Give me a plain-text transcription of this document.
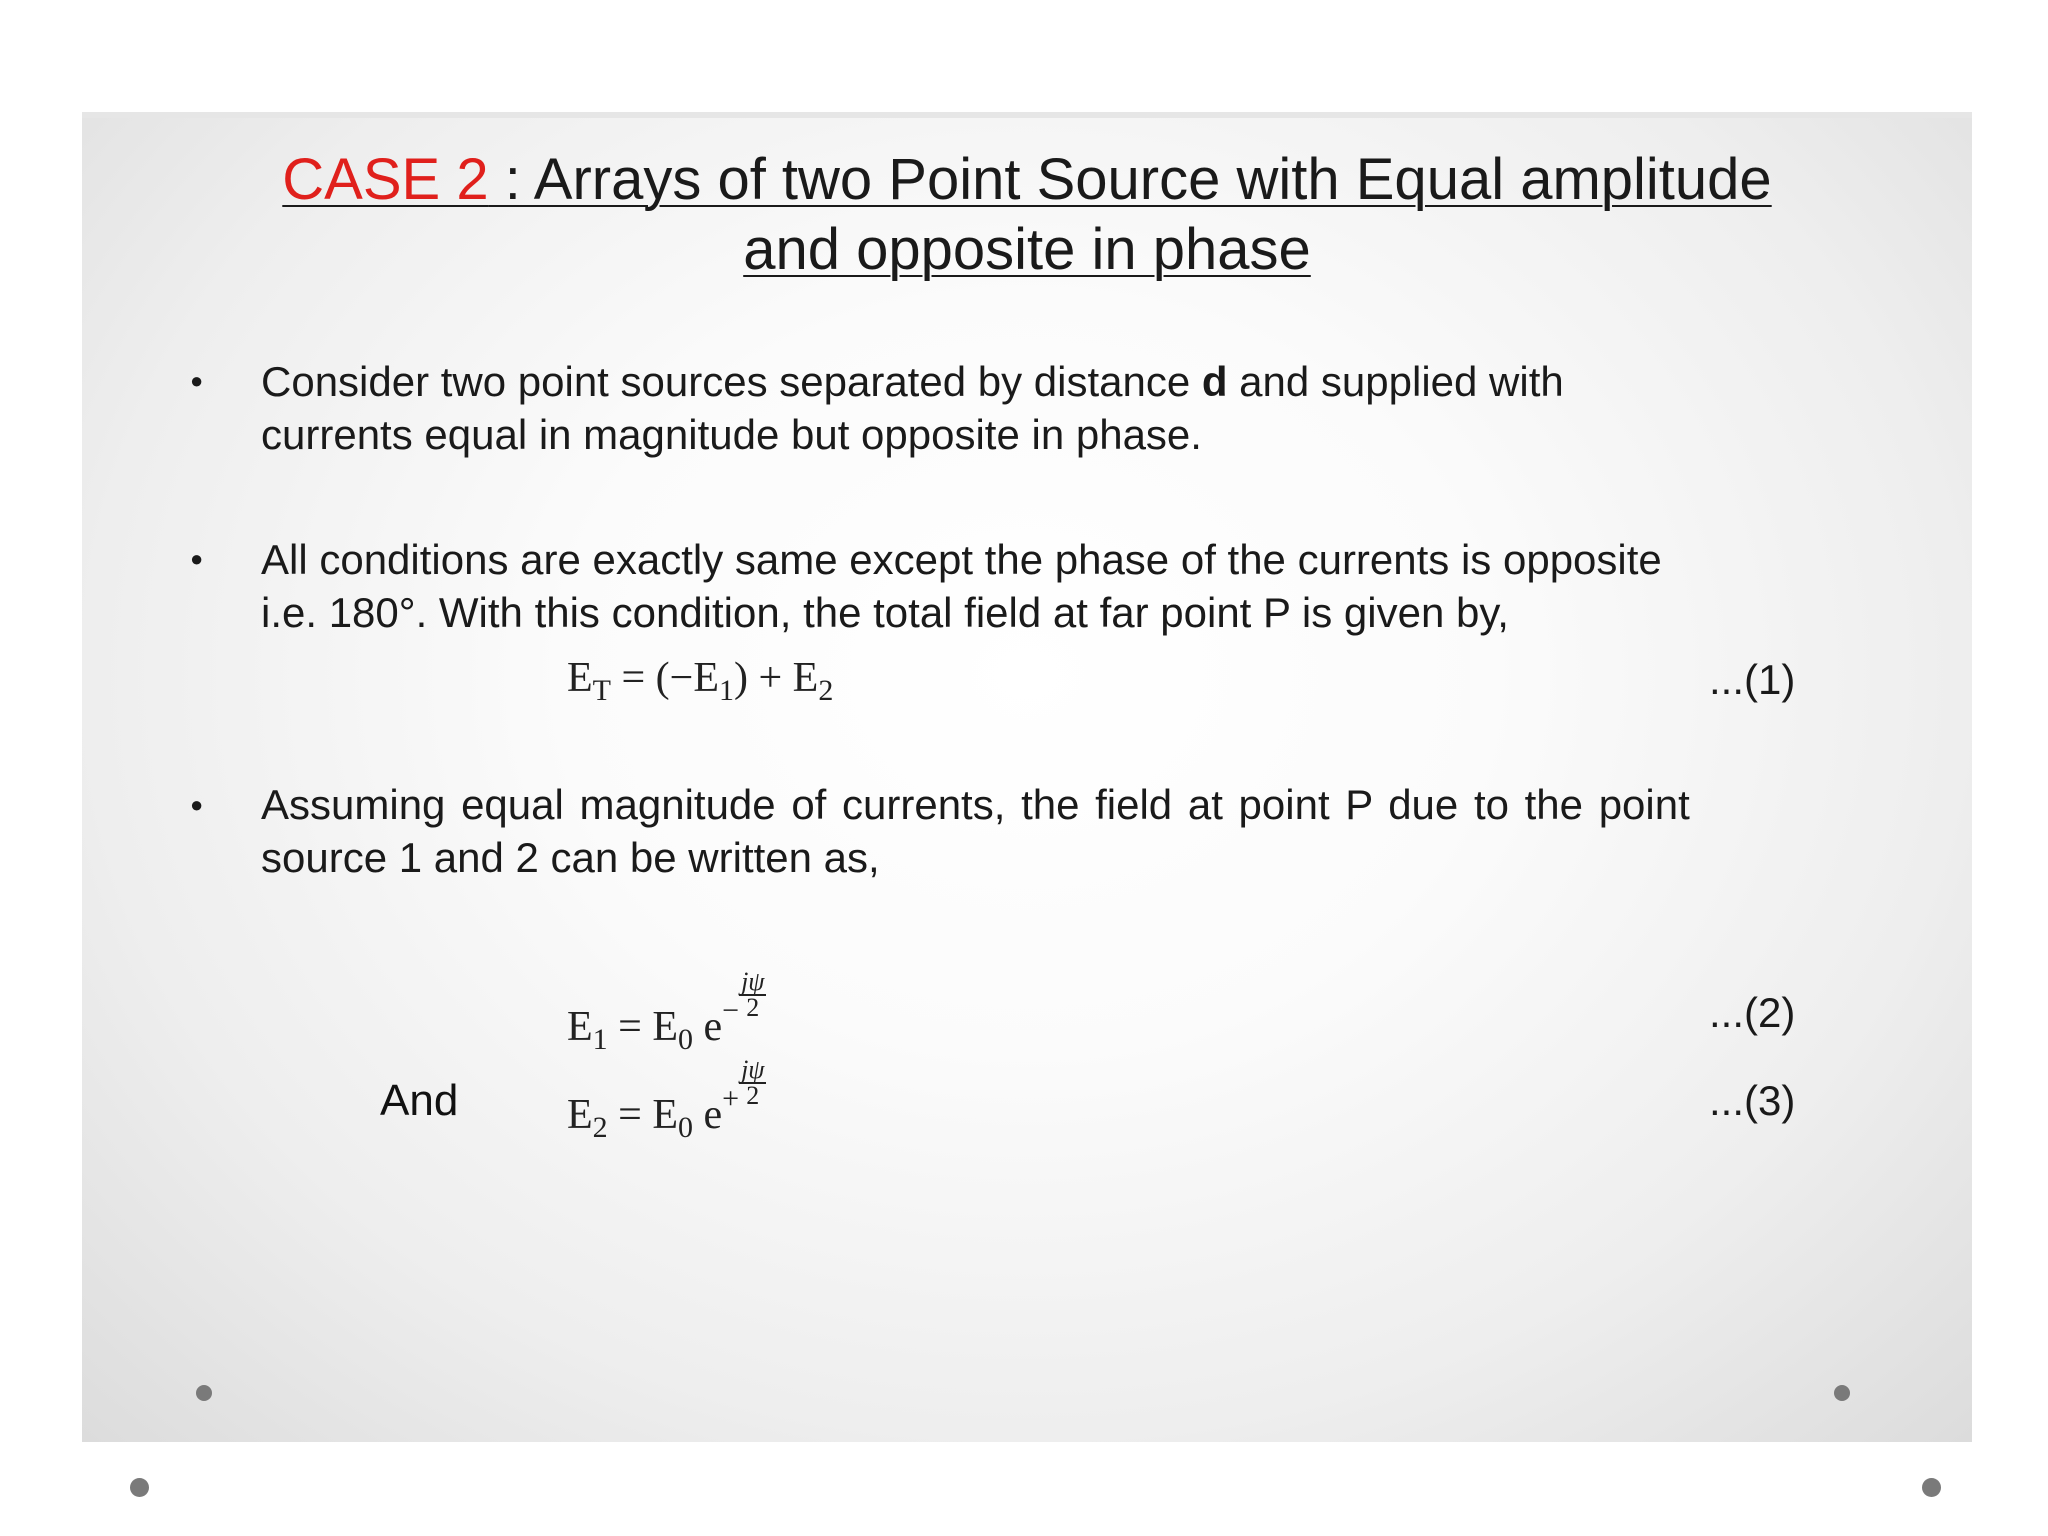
CASE 2 : Arrays of two Point Source with Equal amplitude
and opposite in phase
● Consider two point sources separated by distance d and supplied with
currents equal in magnitude but opposite in phase.
● All conditions are exactly same except the phase of the currents is opposite
i.e. 180°. With this condition, the total field at far point P is given by,
$E_T = (-E_1) + E_2$	...(1)
● Assuming equal magnitude of currents, the field at point P due to the point
source 1 and 2 can be written as,
$E_1 = E_0$ $e^- \frac{j\psi}{2}$	...(2)
And	$E_2 = E_0$ $e^+ \frac{j\psi}{2}$	...(3)
